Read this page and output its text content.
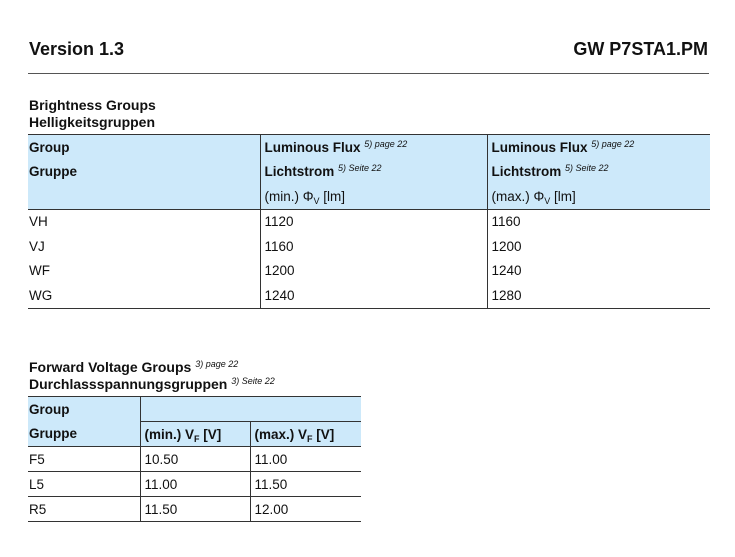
Version 1.3	GW P7STA1.PM
Brightness Groups
Helligkeitsgruppen
Group	Luminous Flux $^{5) page 22}$	Luminous Flux $^{5) page 22}$
Gruppe	Lichtstrom $^{5) Seite 22}$	Lichtstrom $^{5) Seite 22}$
	(min.) $\Phi_V$ [lm]	(max.) $\Phi_V$ [lm]
VH	1120	1160
VJ	1160	1200
WF	1200	1240
WG	1240	1280
Forward Voltage Groups $^{3) page 22}$
Durchlassspannungsgruppen $^{3) Seite 22}$
Group		
Gruppe	(min.) $V_F$ [V]	(max.) $V_F$ [V]
F5	10.50	11.00
L5	11.00	11.50
R5	11.50	12.00
